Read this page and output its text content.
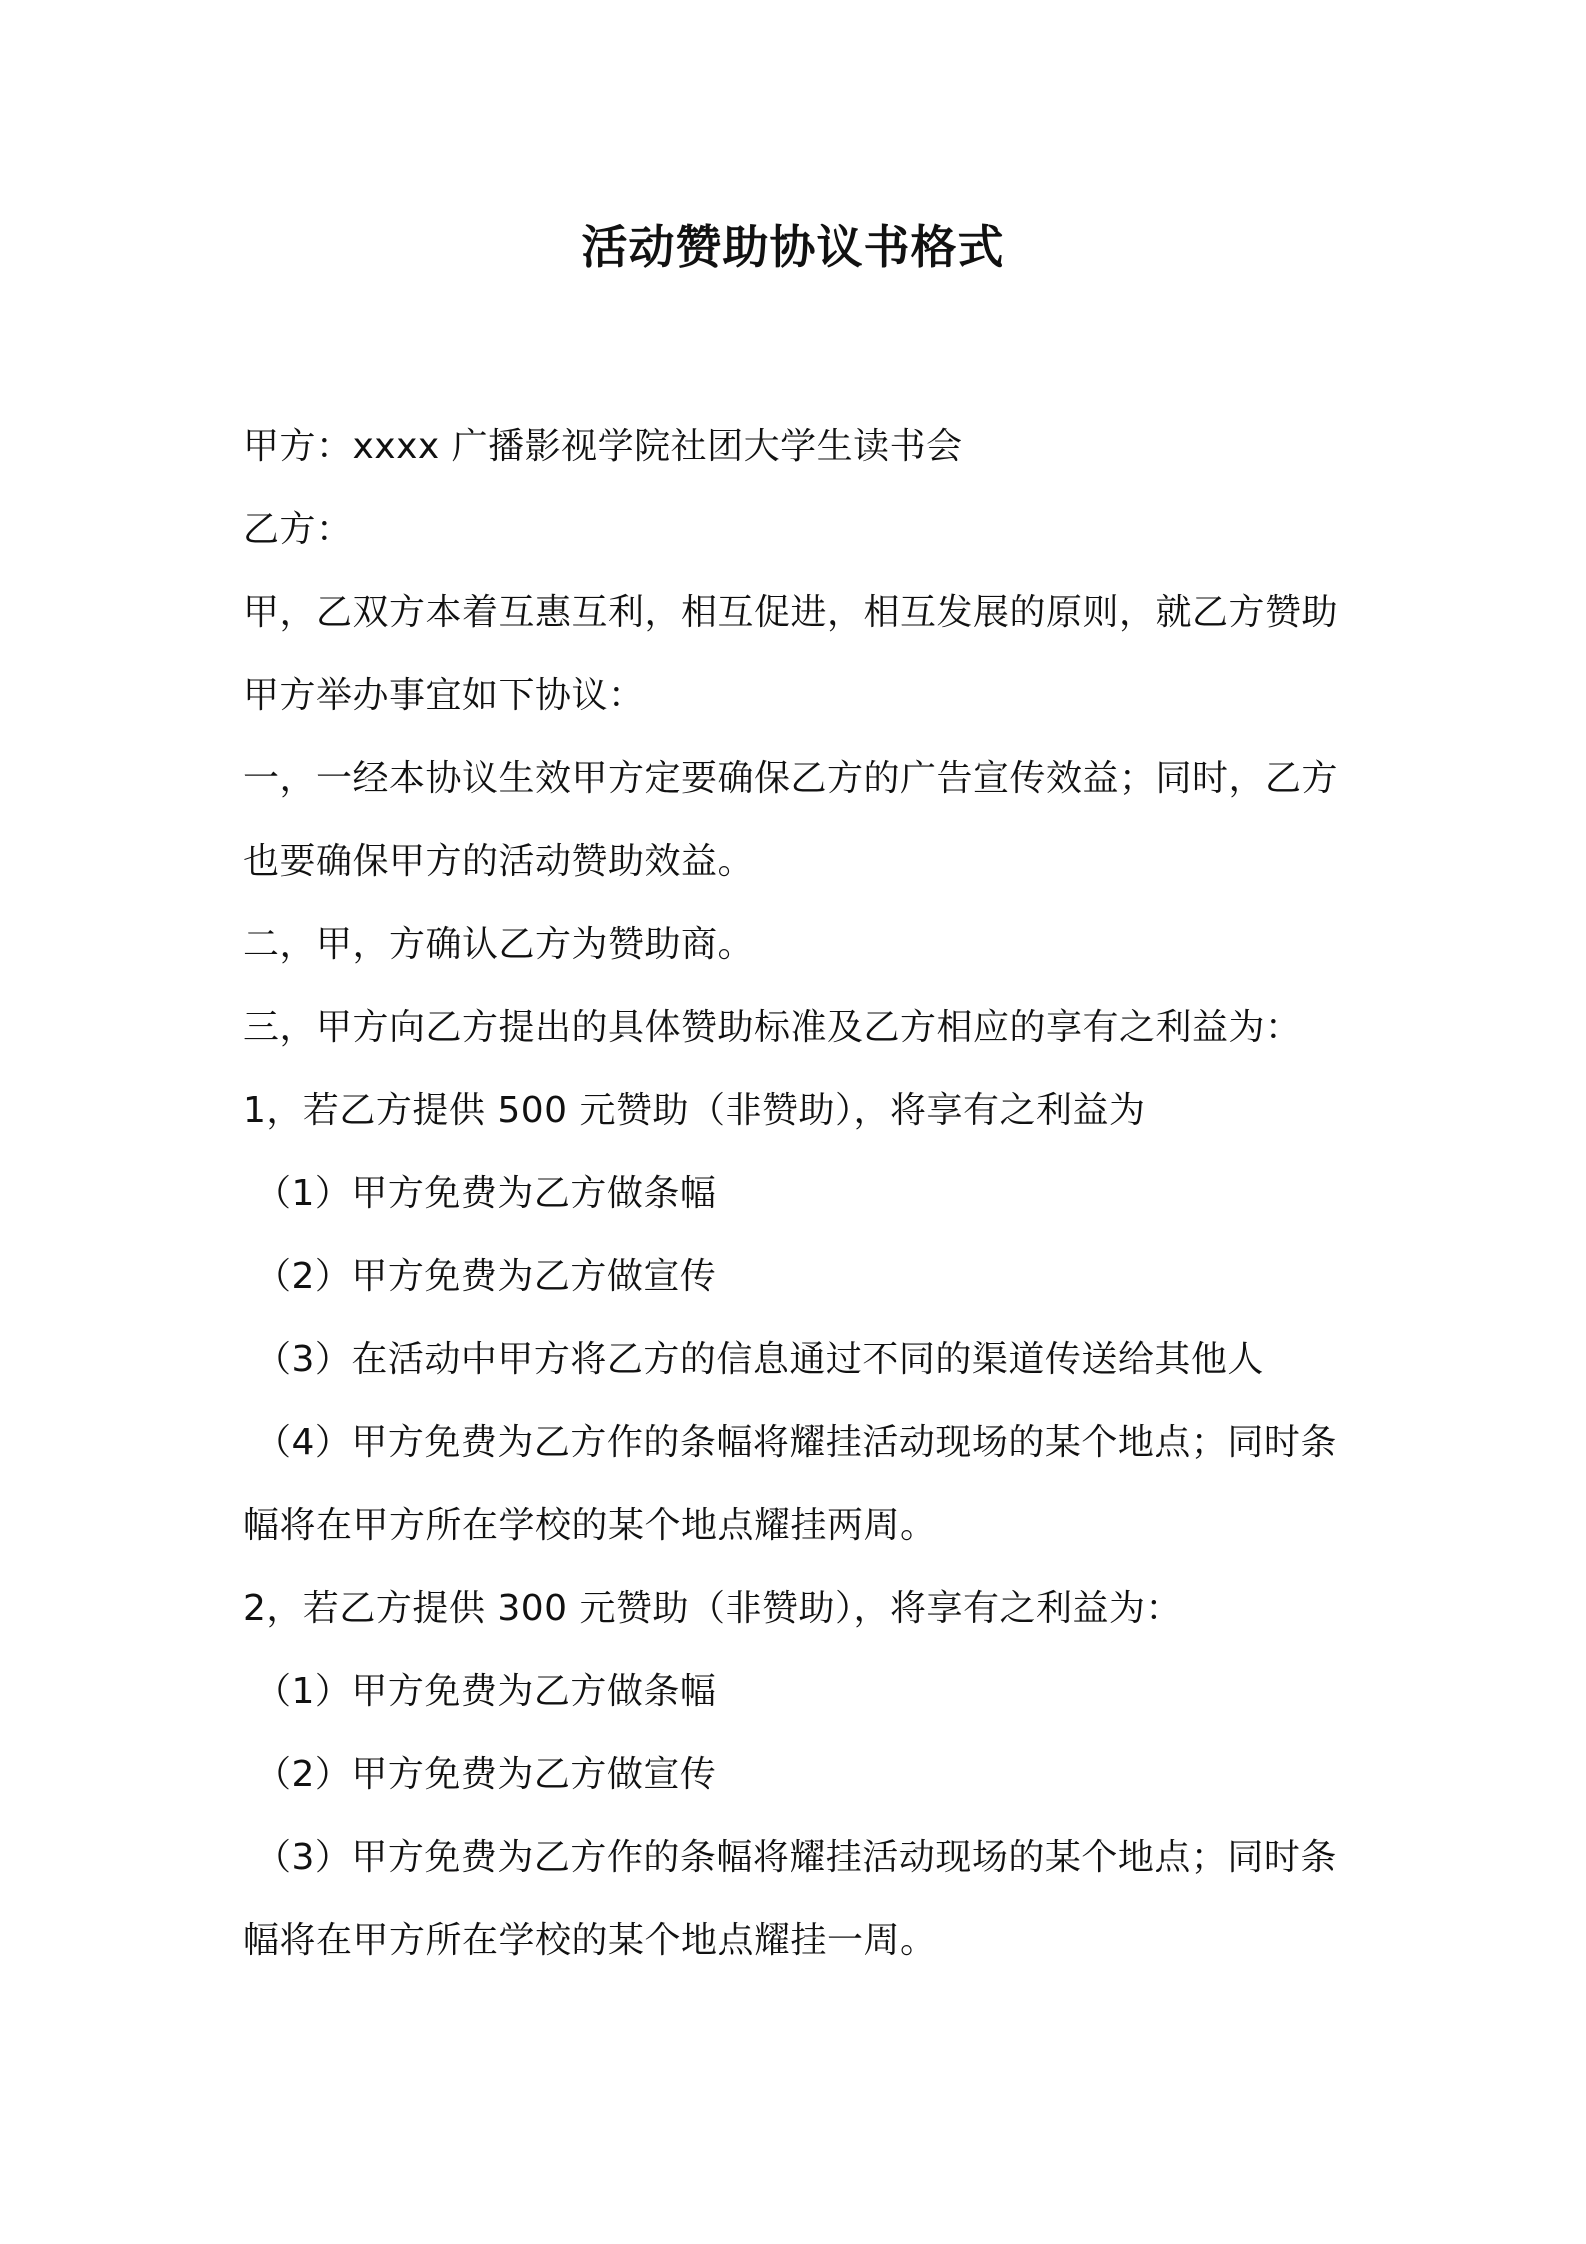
活动赞助协议书格式
甲方：xxxx 广播影视学院社团大学生读书会
乙方：
甲，乙双方本着互惠互利，相互促进，相互发展的原则，就乙方赞助
甲方举办事宜如下协议：
一，一经本协议生效甲方定要确保乙方的广告宣传效益；同时，乙方
也要确保甲方的活动赞助效益。
二，甲，方确认乙方为赞助商。
三，甲方向乙方提出的具体赞助标准及乙方相应的享有之利益为：
1，若乙方提供 500 元赞助（非赞助），将享有之利益为
（1）甲方免费为乙方做条幅
（2）甲方免费为乙方做宣传
（3）在活动中甲方将乙方的信息通过不同的渠道传送给其他人
（4）甲方免费为乙方作的条幅将耀挂活动现场的某个地点；同时条
幅将在甲方所在学校的某个地点耀挂两周。
2，若乙方提供 300 元赞助（非赞助），将享有之利益为：
（1）甲方免费为乙方做条幅
（2）甲方免费为乙方做宣传
（3）甲方免费为乙方作的条幅将耀挂活动现场的某个地点；同时条
幅将在甲方所在学校的某个地点耀挂一周。
